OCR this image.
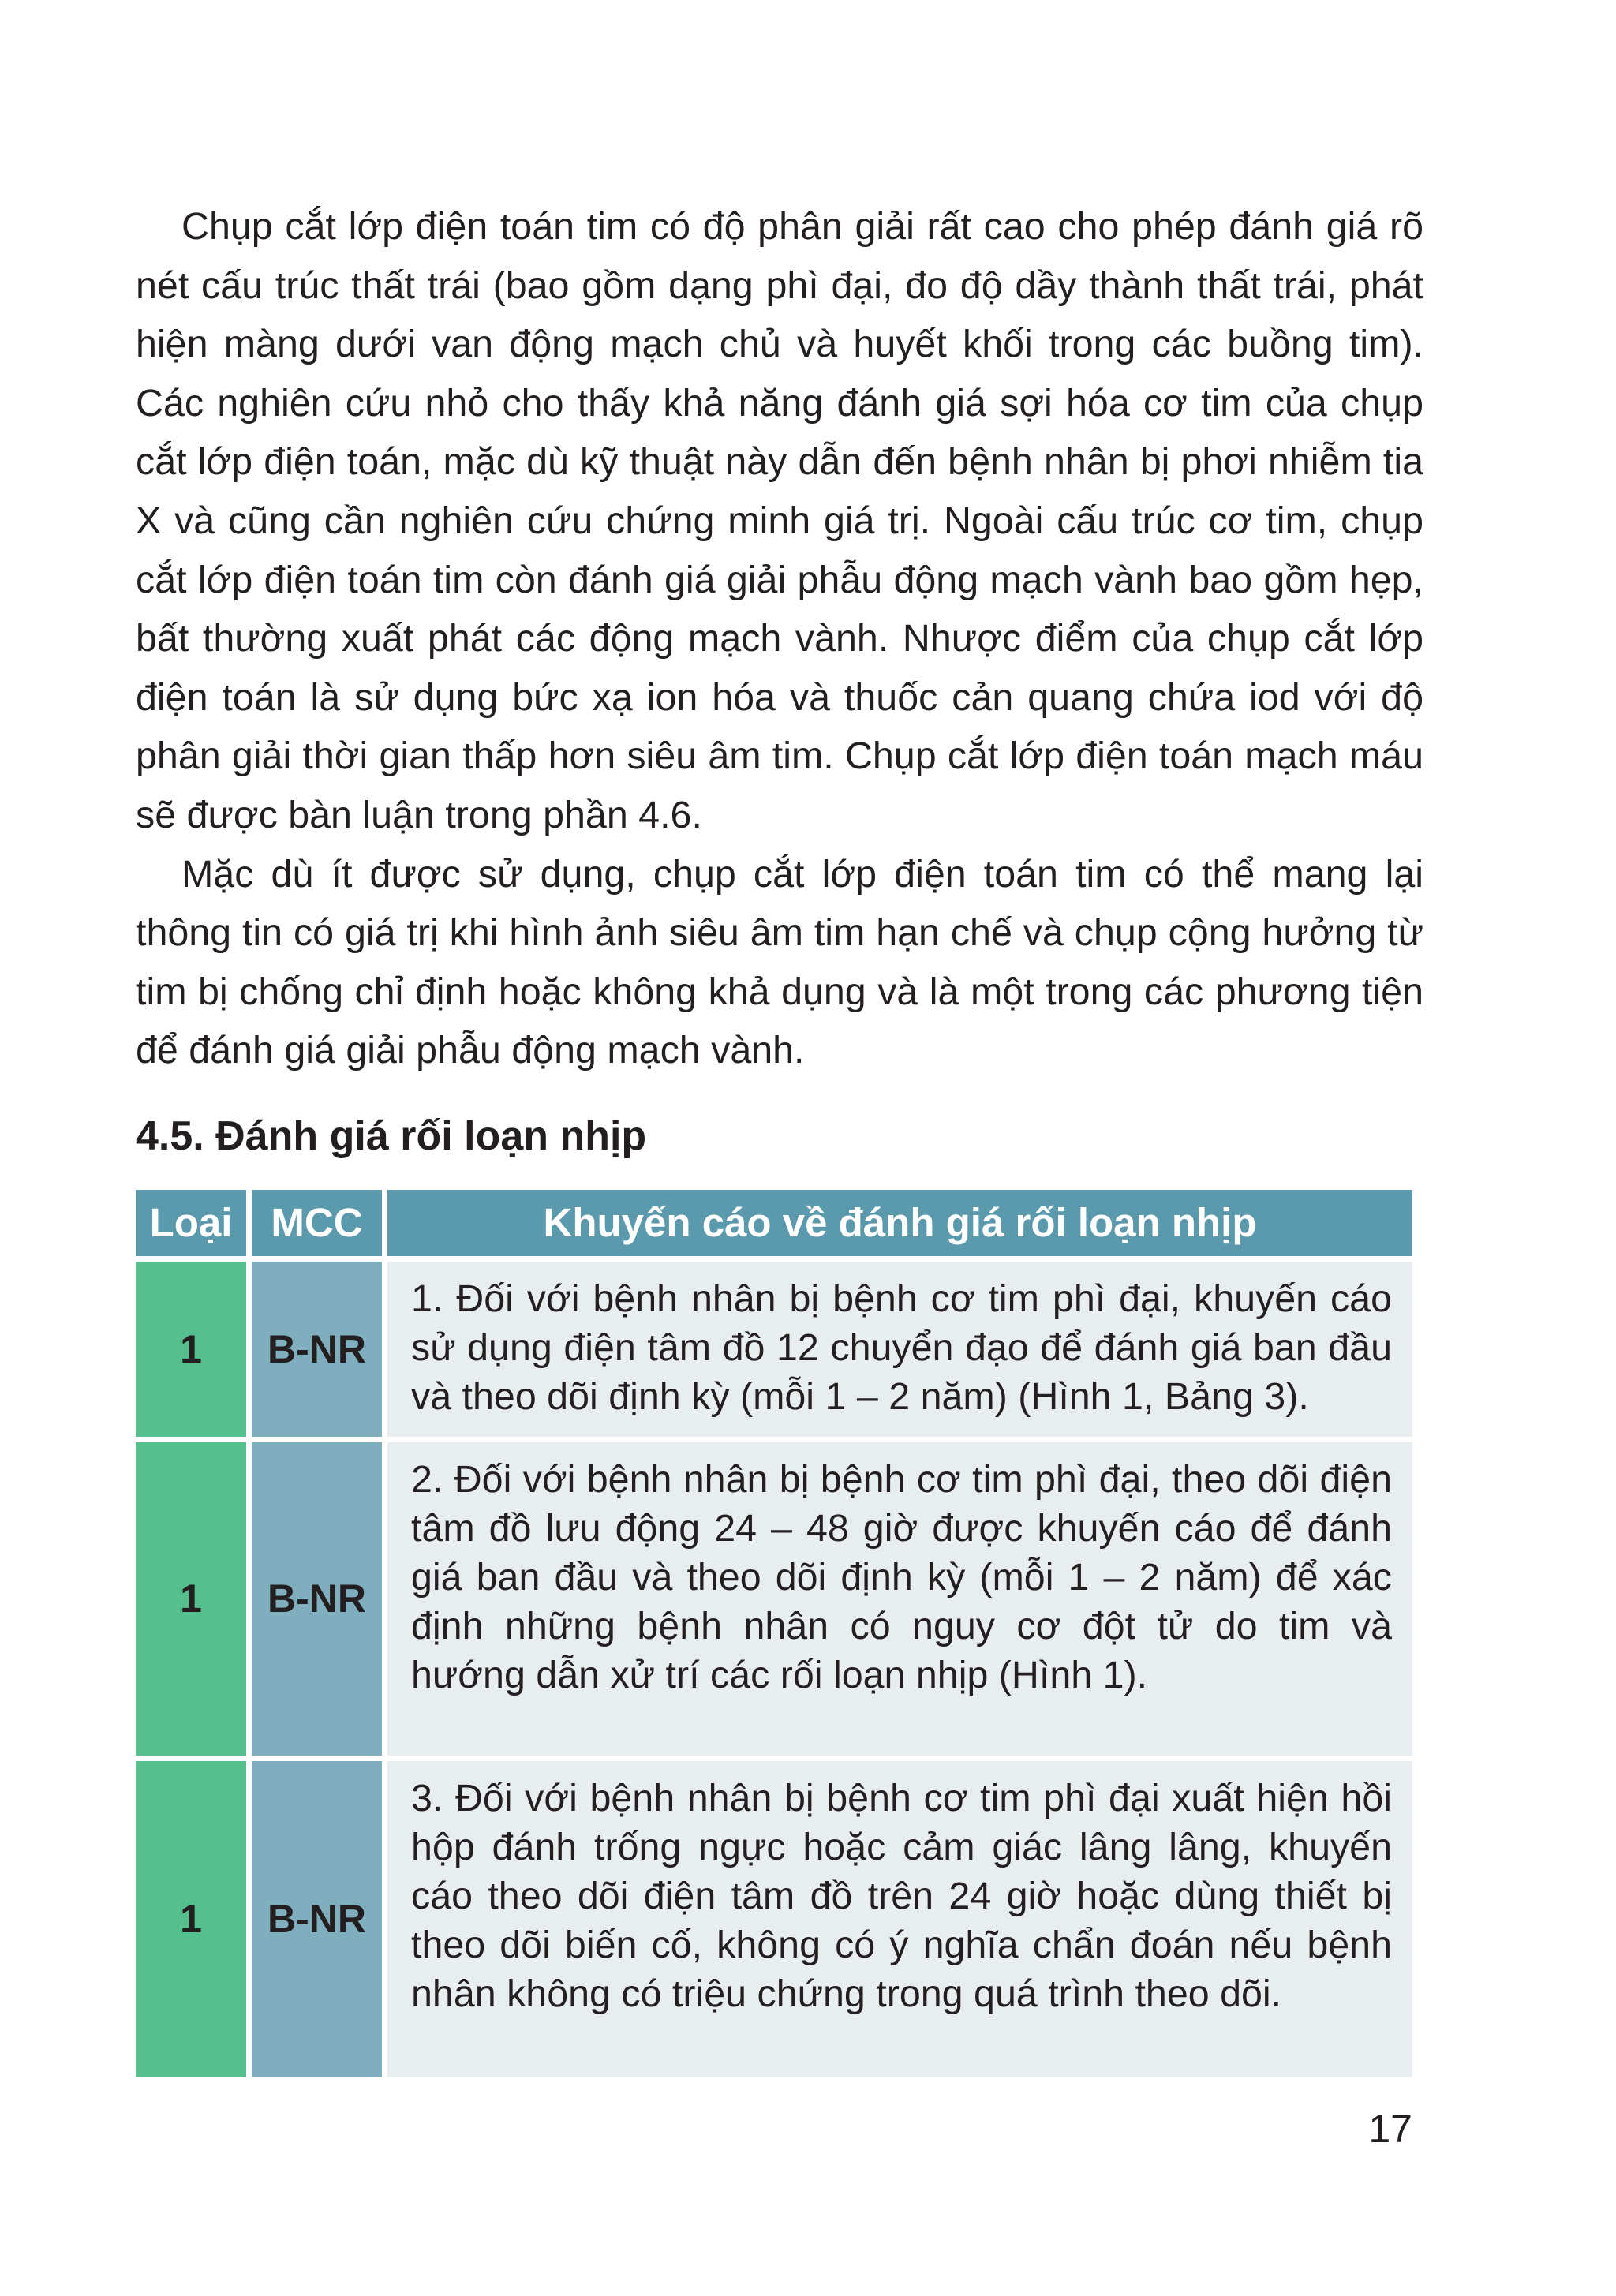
Chụp cắt lớp điện toán tim có độ phân giải rất cao cho phép đánh giá rõ nét cấu trúc thất trái (bao gồm dạng phì đại, đo độ dầy thành thất trái, phát hiện màng dưới van động mạch chủ và huyết khối trong các buồng tim). Các nghiên cứu nhỏ cho thấy khả năng đánh giá sợi hóa cơ tim của chụp cắt lớp điện toán, mặc dù kỹ thuật này dẫn đến bệnh nhân bị phơi nhiễm tia X và cũng cần nghiên cứu chứng minh giá trị. Ngoài cấu trúc cơ tim, chụp cắt lớp điện toán tim còn đánh giá giải phẫu động mạch vành bao gồm hẹp, bất thường xuất phát các động mạch vành. Nhược điểm của chụp cắt lớp điện toán là sử dụng bức xạ ion hóa và thuốc cản quang chứa iod với độ phân giải thời gian thấp hơn siêu âm tim. Chụp cắt lớp điện toán mạch máu sẽ được bàn luận trong phần 4.6.

Mặc dù ít được sử dụng, chụp cắt lớp điện toán tim có thể mang lại thông tin có giá trị khi hình ảnh siêu âm tim hạn chế và chụp cộng hưởng từ tim bị chống chỉ định hoặc không khả dụng và là một trong các phương tiện để đánh giá giải phẫu động mạch vành.

4.5. Đánh giá rối loạn nhịp
Loại	MCC	Khuyến cáo về đánh giá rối loạn nhịp
1	B-NR	1. Đối với bệnh nhân bị bệnh cơ tim phì đại, khuyến cáo sử dụng điện tâm đồ 12 chuyển đạo để đánh giá ban đầu và theo dõi định kỳ (mỗi 1 – 2 năm) (Hình 1, Bảng 3).
1	B-NR	2. Đối với bệnh nhân bị bệnh cơ tim phì đại, theo dõi điện tâm đồ lưu động 24 – 48 giờ được khuyến cáo để đánh giá ban đầu và theo dõi định kỳ (mỗi 1 – 2 năm) để xác định những bệnh nhân có nguy cơ đột tử do tim và hướng dẫn xử trí các rối loạn nhịp (Hình 1).
1	B-NR	3. Đối với bệnh nhân bị bệnh cơ tim phì đại xuất hiện hồi hộp đánh trống ngực hoặc cảm giác lâng lâng, khuyến cáo theo dõi điện tâm đồ trên 24 giờ hoặc dùng thiết bị theo dõi biến cố, không có ý nghĩa chẩn đoán nếu bệnh nhân không có triệu chứng trong quá trình theo dõi.
17
